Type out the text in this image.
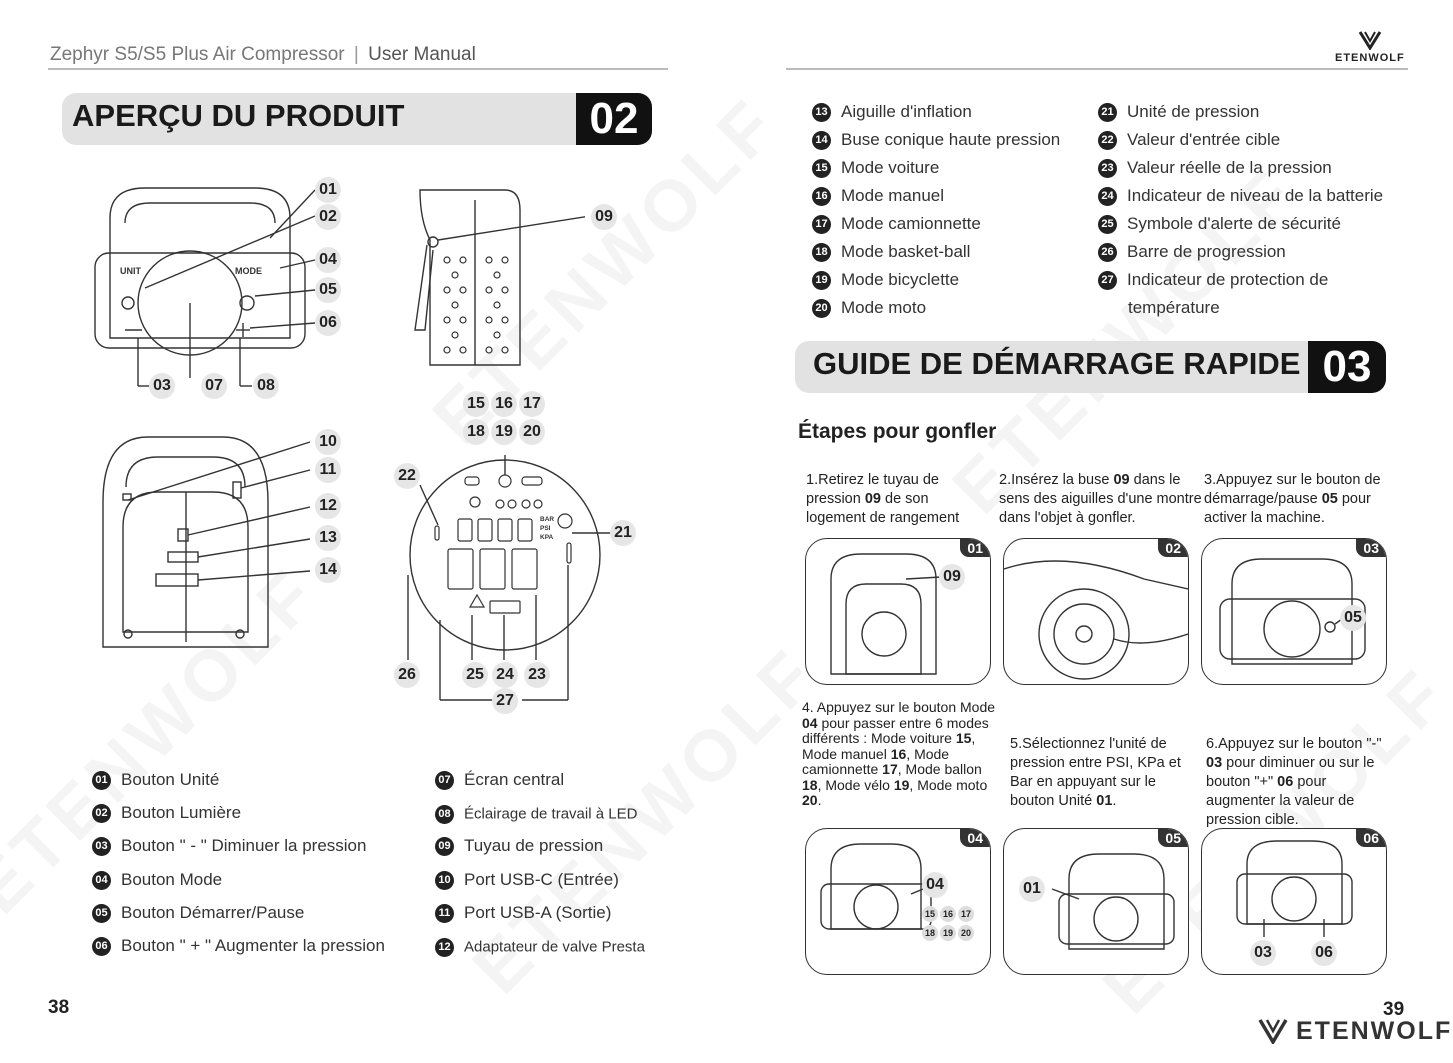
Zephyr S5/S5 Plus Air Compressor | User Manual
APERÇU DU PRODUIT	02
UNIT	MODE
01
02
04
05
06
03 07 08
09
10
11
12
13
14
BAR
PSI
KPA
15 16 17
18 19 20
21
22
26	25 24 23
27
01 Bouton Unité
02 Bouton Lumière
03 Bouton " - " Diminuer la pression
04 Bouton Mode
05 Bouton Démarrer/Pause
06 Bouton " + " Augmenter la pression
07 Écran central
08 Éclairage de travail à LED
09 Tuyau de pression
10 Port USB-C (Entrée)
11 Port USB-A (Sortie)
12 Adaptateur de valve Presta
38
ETENWOLF
13 Aiguille d'inflation
14 Buse conique haute pression
15 Mode voiture
16 Mode manuel
17 Mode camionnette
18 Mode basket-ball
19 Mode bicyclette
20 Mode moto
21 Unité de pression
22 Valeur d'entrée cible
23 Valeur réelle de la pression
24 Indicateur de niveau de la batterie
25 Symbole d'alerte de sécurité
26 Barre de progression
27 Indicateur de protection de
température
GUIDE DE DÉMARRAGE RAPIDE 03
Étapes pour gonfler
1.Retirez le tuyau de pression 09 de son logement de rangement
2.Insérez la buse 09 dans le sens des aiguilles d'une montre dans l'objet à gonfler.
3.Appuyez sur le bouton de démarrage/pause 05 pour activer la machine.
4. Appuyez sur le bouton Mode 04 pour passer entre 6 modes différents : Mode voiture 15, Mode manuel 16, Mode camionnette 17, Mode ballon 18, Mode vélo 19, Mode moto 20.
5.Sélectionnez l'unité de pression entre PSI, KPa et Bar en appuyant sur le bouton Unité 01.
6.Appuyez sur le bouton "-" 03 pour diminuer ou sur le bouton "+" 06 pour augmenter la valeur de pression cible.
01
09
02	03
05
04
04
15 16 17 18 19 20
05
01
06
03	06
39
ETENWOLF
